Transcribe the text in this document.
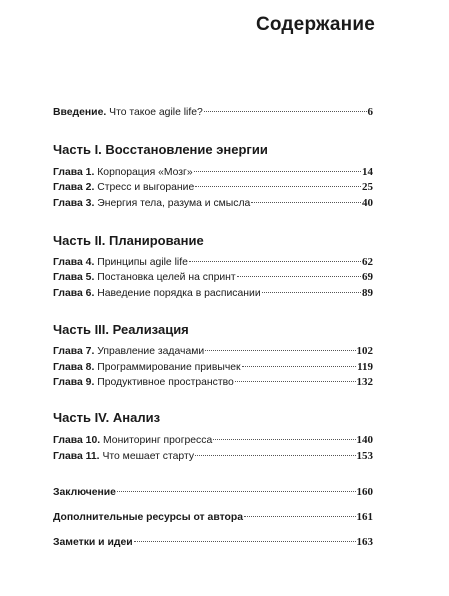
Содержание
Введение. Что такое agile life?	6
Часть I. Восстановление энергии
Глава 1. Корпорация «Мозг»	14
Глава 2. Стресс и выгорание	25
Глава 3. Энергия тела, разума и смысла	40
Часть II. Планирование
Глава 4. Принципы agile life	62
Глава 5. Постановка целей на спринт	69
Глава 6. Наведение порядка в расписании	89
Часть III. Реализация
Глава 7. Управление задачами	102
Глава 8. Программирование привычек	119
Глава 9. Продуктивное пространство	132
Часть IV. Анализ
Глава 10. Мониторинг прогресса	140
Глава 11. Что мешает старту	153
Заключение	160
Дополнительные ресурсы от автора	161
Заметки и идеи	163
